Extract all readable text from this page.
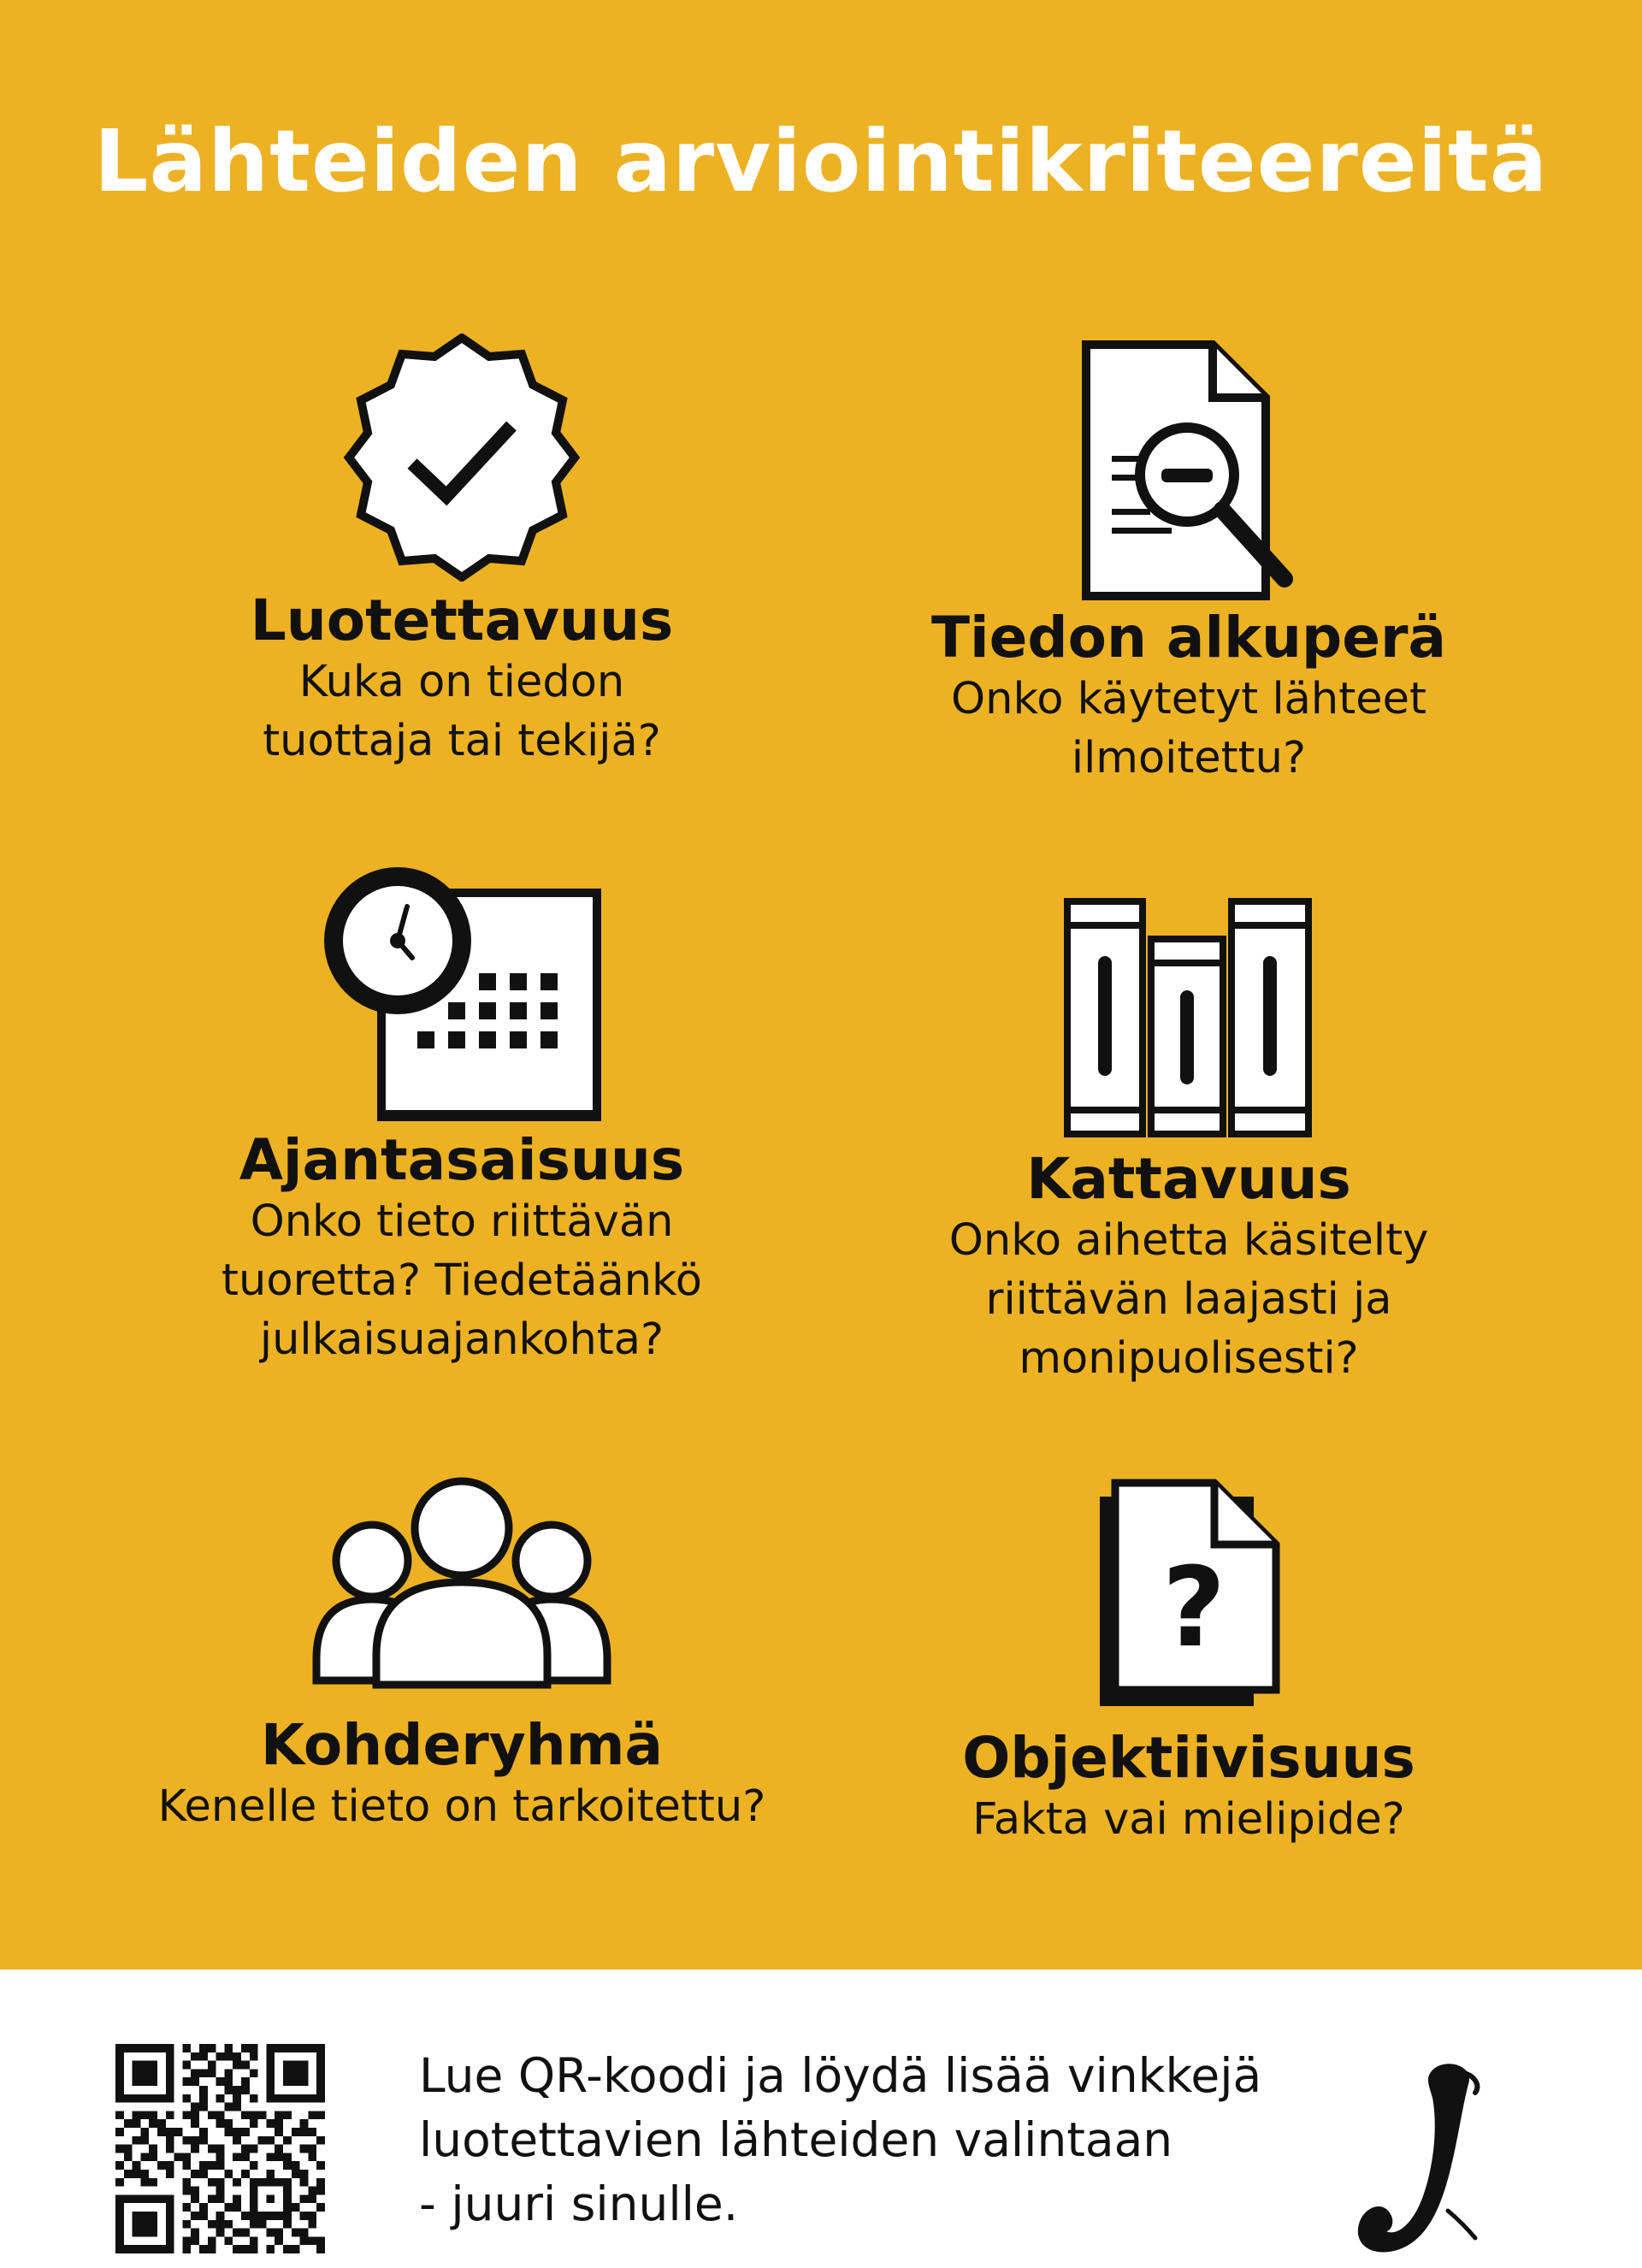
Lähteiden arviointikriteereitä

Luotettavuus

Kuka on tiedon
tuottaja tai tekijä?

Tiedon alkuperä

Onko käytetyt lähteet
ilmoitettu?

Ajantasaisuus

Onko tieto riittävän
tuoretta? Tiedetäänkö
julkaisuajankohta?

Kattavuus

Onko aihetta käsitelty
riittävän laajasti ja
monipuolisesti?

Kohderyhmä

Kenelle tieto on tarkoitettu?

?

Objektiivisuus

Fakta vai mielipide?

Lue QR-koodi ja löydä lisää vinkkejä
luotettavien lähteiden valintaan
- juuri sinulle.
